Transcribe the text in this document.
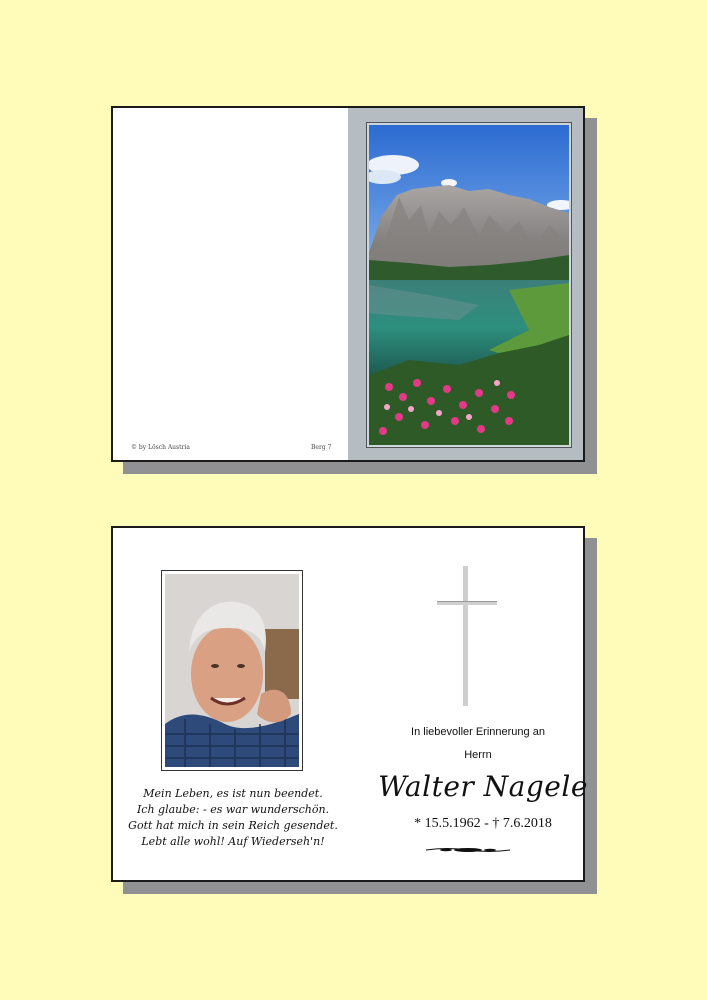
© by Lösch Austria	Berg 7
Mein Leben, es ist nun beendet.
Ich glaube: - es war wunderschön.
Gott hat mich in sein Reich gesendet.
Lebt alle wohl! Auf Wiederseh'n!
In liebevoller Erinnerung an
Herrn
Walter Nagele
* 15.5.1962 - † 7.6.2018
